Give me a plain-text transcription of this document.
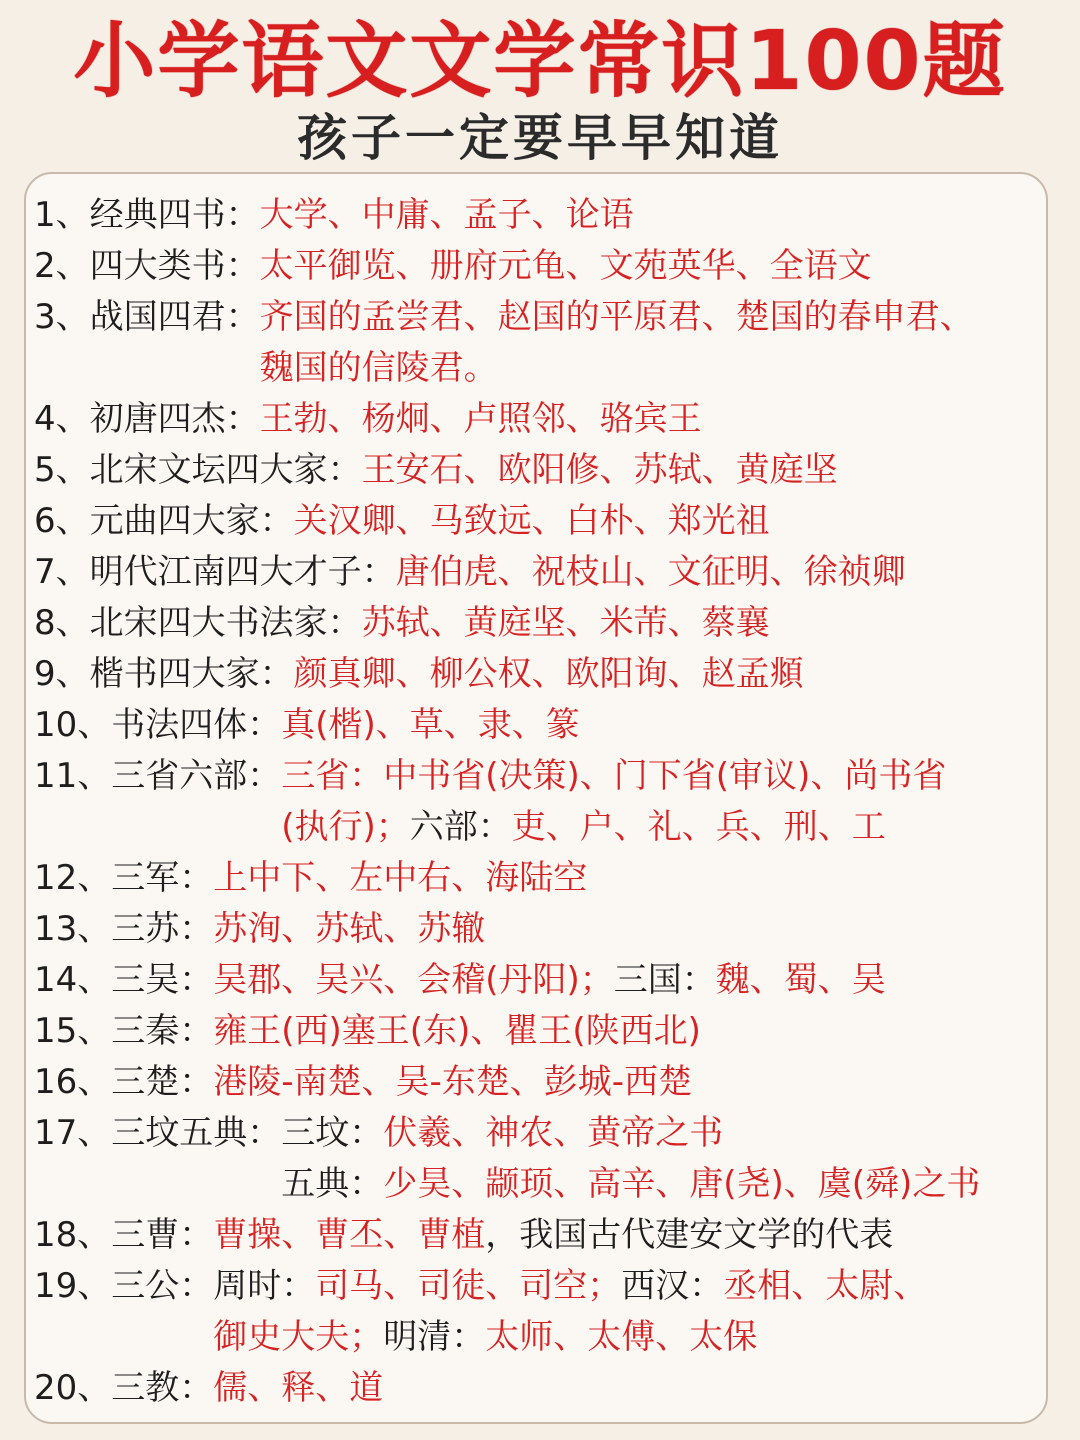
小学语文文学常识100题
孩子一定要早早知道
1、经典四书： 大学、中庸、孟子、论语
2、四大类书： 太平御览、册府元龟、文苑英华、全语文
3、战国四君： 齐国的孟尝君、赵国的平原君、楚国的春申君、
魏国的信陵君。
4、初唐四杰： 王勃、杨炯、卢照邻、骆宾王
5、北宋文坛四大家： 王安石、欧阳修、苏轼、黄庭坚
6、元曲四大家： 关汉卿、马致远、白朴、郑光祖
7、明代江南四大才子： 唐伯虎、祝枝山、文征明、徐祯卿
8、北宋四大书法家： 苏轼、黄庭坚、米芾、蔡襄
9、楷书四大家： 颜真卿、柳公权、欧阳询、赵孟頫
10、书法四体： 真(楷)、草、隶、篆
11、三省六部： 三省：中书省(决策)、门下省(审议)、尚书省
(执行)；六部：吏、户、礼、兵、刑、工
12、三军： 上中下、左中右、海陆空
13、三苏： 苏洵、苏轼、苏辙
14、三吴： 吴郡、吴兴、会稽(丹阳)；三国：魏、蜀、吴
15、三秦： 雍王(西)塞王(东)、瞿王(陕西北)
16、三楚： 港陵-南楚、吴-东楚、彭城-西楚
17、三坟五典： 三坟：伏羲、神农、黄帝之书
五典：少昊、颛顼、高辛、唐(尧)、虞(舜)之书
18、三曹： 曹操、曹丕、曹植，我国古代建安文学的代表
19、三公： 周时：司马、司徒、司空；西汉：丞相、太尉、
御史大夫；明清：太师、太傅、太保
20、三教： 儒、释、道
